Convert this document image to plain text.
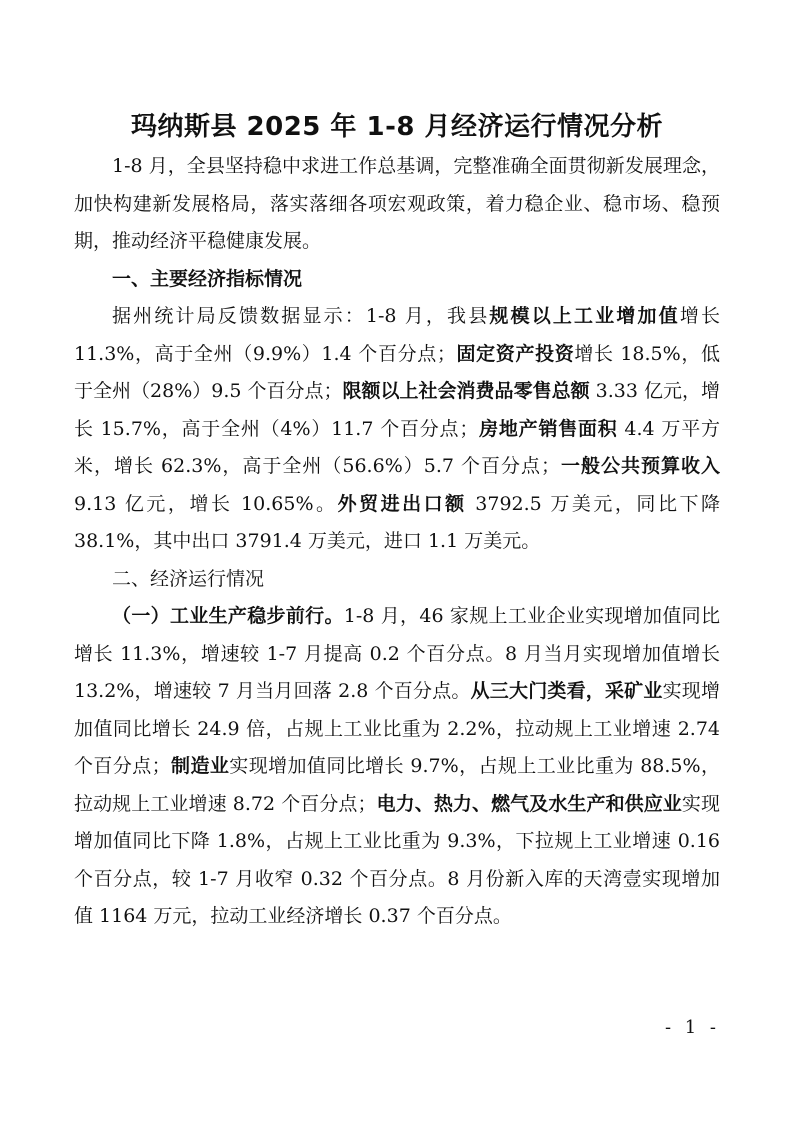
玛纳斯县 2025 年 1-8 月经济运行情况分析

1-8 月，全县坚持稳中求进工作总基调，完整准确全面贯彻新发展理念，加快构建新发展格局，落实落细各项宏观政策，着力稳企业、稳市场、稳预期，推动经济平稳健康发展。

一、主要经济指标情况

据州统计局反馈数据显示：1-8 月，我县规模以上工业增加值增长 11.3%，高于全州（9.9%）1.4 个百分点；固定资产投资增长 18.5%，低于全州（28%）9.5 个百分点；限额以上社会消费品零售总额 3.33 亿元，增长 15.7%，高于全州（4%）11.7 个百分点；房地产销售面积 4.4 万平方米，增长 62.3%，高于全州（56.6%）5.7 个百分点；一般公共预算收入 9.13 亿元，增长 10.65%。外贸进出口额 3792.5 万美元，同比下降 38.1%，其中出口 3791.4 万美元，进口 1.1 万美元。

二、经济运行情况

（一）工业生产稳步前行。1-8 月，46 家规上工业企业实现增加值同比增长 11.3%，增速较 1-7 月提高 0.2 个百分点。8 月当月实现增加值增长 13.2%，增速较 7 月当月回落 2.8 个百分点。从三大门类看，采矿业实现增加值同比增长 24.9 倍，占规上工业比重为 2.2%，拉动规上工业增速 2.74 个百分点；制造业实现增加值同比增长 9.7%，占规上工业比重为 88.5%，拉动规上工业增速 8.72 个百分点；电力、热力、燃气及水生产和供应业实现增加值同比下降 1.8%，占规上工业比重为 9.3%，下拉规上工业增速 0.16 个百分点，较 1-7 月收窄 0.32 个百分点。8 月份新入库的天湾壹实现增加值 1164 万元，拉动工业经济增长 0.37 个百分点。

- 1 -
